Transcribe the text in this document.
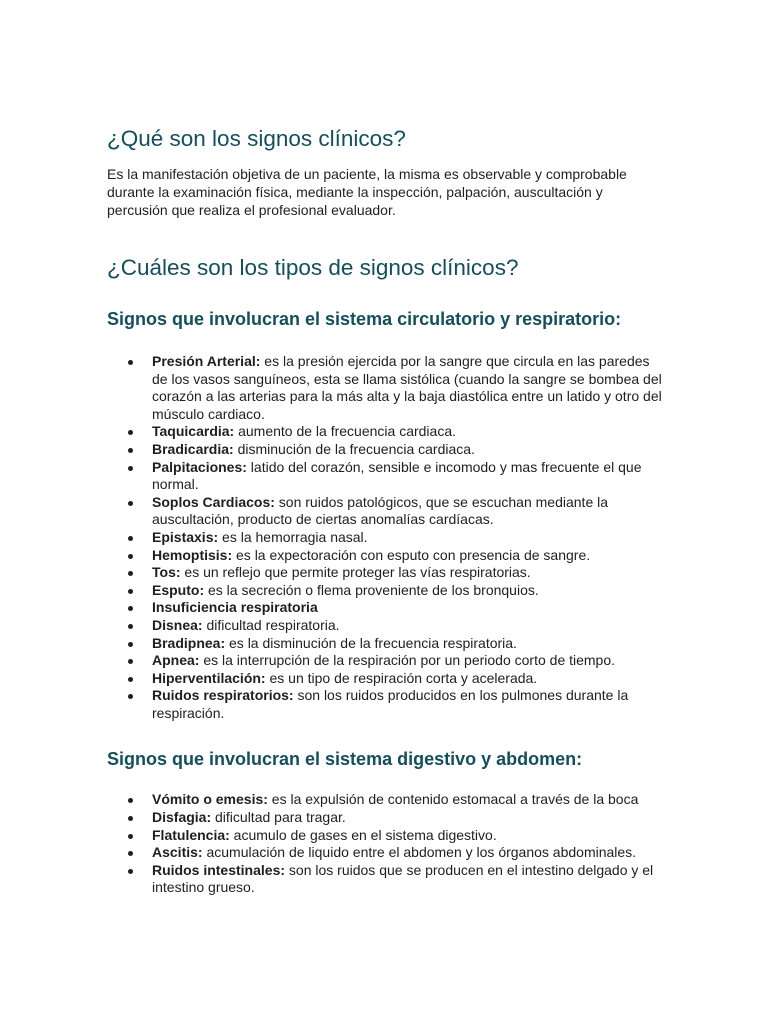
¿Qué son los signos clínicos?

Es la manifestación objetiva de un paciente, la misma es observable y comprobable durante la examinación física, mediante la inspección, palpación, auscultación y percusión que realiza el profesional evaluador.

¿Cuáles son los tipos de signos clínicos?
Signos que involucran el sistema circulatorio y respiratorio:
Presión Arterial: es la presión ejercida por la sangre que circula en las paredes de los vasos sanguíneos, esta se llama sistólica (cuando la sangre se bombea del corazón a las arterias para la más alta y la baja diastólica entre un latido y otro del músculo cardiaco.
Taquicardia: aumento de la frecuencia cardiaca.
Bradicardia: disminución de la frecuencia cardiaca.
Palpitaciones: latido del corazón, sensible e incomodo y mas frecuente el que normal.
Soplos Cardiacos: son ruidos patológicos, que se escuchan mediante la auscultación, producto de ciertas anomalías cardíacas.
Epistaxis: es la hemorragia nasal.
Hemoptisis: es la expectoración con esputo con presencia de sangre.
Tos: es un reflejo que permite proteger las vías respiratorias.
Esputo: es la secreción o flema proveniente de los bronquios.
Insuficiencia respiratoria
Disnea: dificultad respiratoria.
Bradipnea: es la disminución de la frecuencia respiratoria.
Apnea: es la interrupción de la respiración por un periodo corto de tiempo.
Hiperventilación: es un tipo de respiración corta y acelerada.
Ruidos respiratorios: son los ruidos producidos en los pulmones durante la respiración.
Signos que involucran el sistema digestivo y abdomen:
Vómito o emesis: es la expulsión de contenido estomacal a través de la boca
Disfagia: dificultad para tragar.
Flatulencia: acumulo de gases en el sistema digestivo.
Ascitis: acumulación de liquido entre el abdomen y los órganos abdominales.
Ruidos intestinales: son los ruidos que se producen en el intestino delgado y el intestino grueso.
